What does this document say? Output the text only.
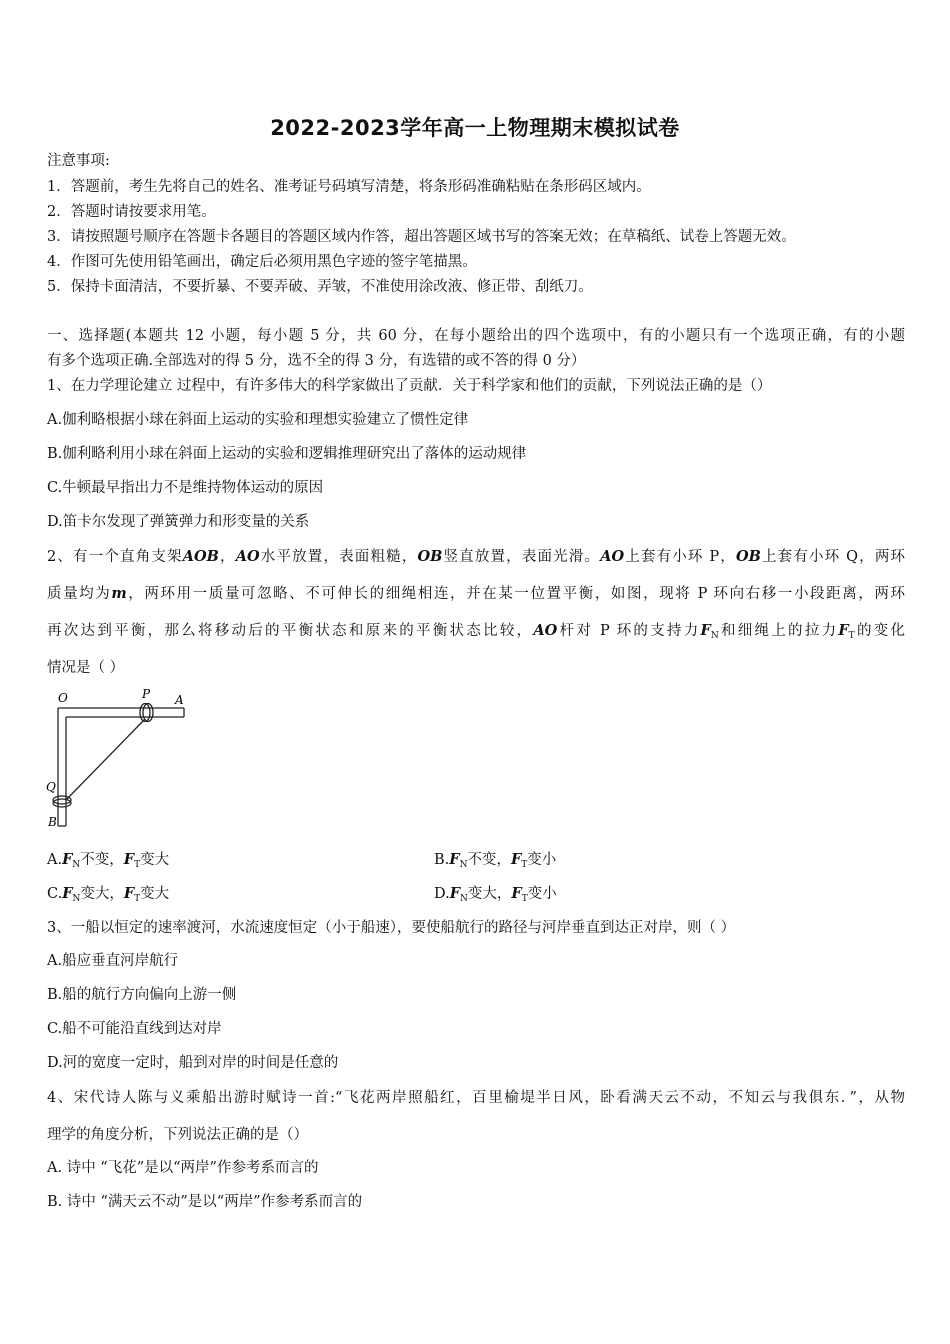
2022-2023学年高一上物理期末模拟试卷
注意事项:
1．答题前，考生先将自己的姓名、准考证号码填写清楚，将条形码准确粘贴在条形码区域内。
2．答题时请按要求用笔。
3．请按照题号顺序在答题卡各题目的答题区域内作答，超出答题区域书写的答案无效；在草稿纸、试卷上答题无效。
4．作图可先使用铅笔画出，确定后必须用黑色字迹的签字笔描黑。
5．保持卡面清洁，不要折暴、不要弄破、弄皱，不准使用涂改液、修正带、刮纸刀。
一、选择题(本题共 12 小题，每小题 5 分，共 60 分，在每小题给出的四个选项中，有的小题只有一个选项正确，有的小题
有多个选项正确.全部选对的得 5 分，选不全的得 3 分，有选错的或不答的得 0 分）
1、在力学理论建立 过程中，有许多伟大的科学家做出了贡献．关于科学家和他们的贡献，下列说法正确的是（）
A.伽利略根据小球在斜面上运动的实验和理想实验建立了惯性定律
B.伽利略利用小球在斜面上运动的实验和逻辑推理研究出了落体的运动规律
C.牛顿最早指出力不是维持物体运动的原因
D.笛卡尔发现了弹簧弹力和形变量的关系
2、有一个直角支架AOB，AO水平放置，表面粗糙，OB竖直放置，表面光滑。AO上套有小环 P，OB上套有小环 Q，两环
质量均为m，两环用一质量可忽略、不可伸长的细绳相连，并在某一位置平衡，如图，现将 P 环向右移一小段距离，两环
再次达到平衡，那么将移动后的平衡状态和原来的平衡状态比较，AO杆对 P 环的支持力$F_N$和细绳上的拉力$F_T$的变化
情况是（ ）
O	P A
Q
B
$A.F_N$不变，$F_T$变大	$B.F_N$不变，$F_T$变小
$C.F_N$变大，$F_T$变大	$D.F_N$变大，$F_T$变小
3、一船以恒定的速率渡河，水流速度恒定（小于船速），要使船航行的路径与河岸垂直到达正对岸，则（ ）
A.船应垂直河岸航行
B.船的航行方向偏向上游一侧
C.船不可能沿直线到达对岸
D.河的宽度一定时，船到对岸的时间是任意的
4、宋代诗人陈与义乘船出游时赋诗一首:“飞花两岸照船红，百里榆堤半日风，卧看满天云不动，不知云与我俱东．”，从物
理学的角度分析，下列说法正确的是（）
A. 诗中 “飞花”是以“两岸”作参考系而言的
B. 诗中 “满天云不动”是以“两岸”作参考系而言的
